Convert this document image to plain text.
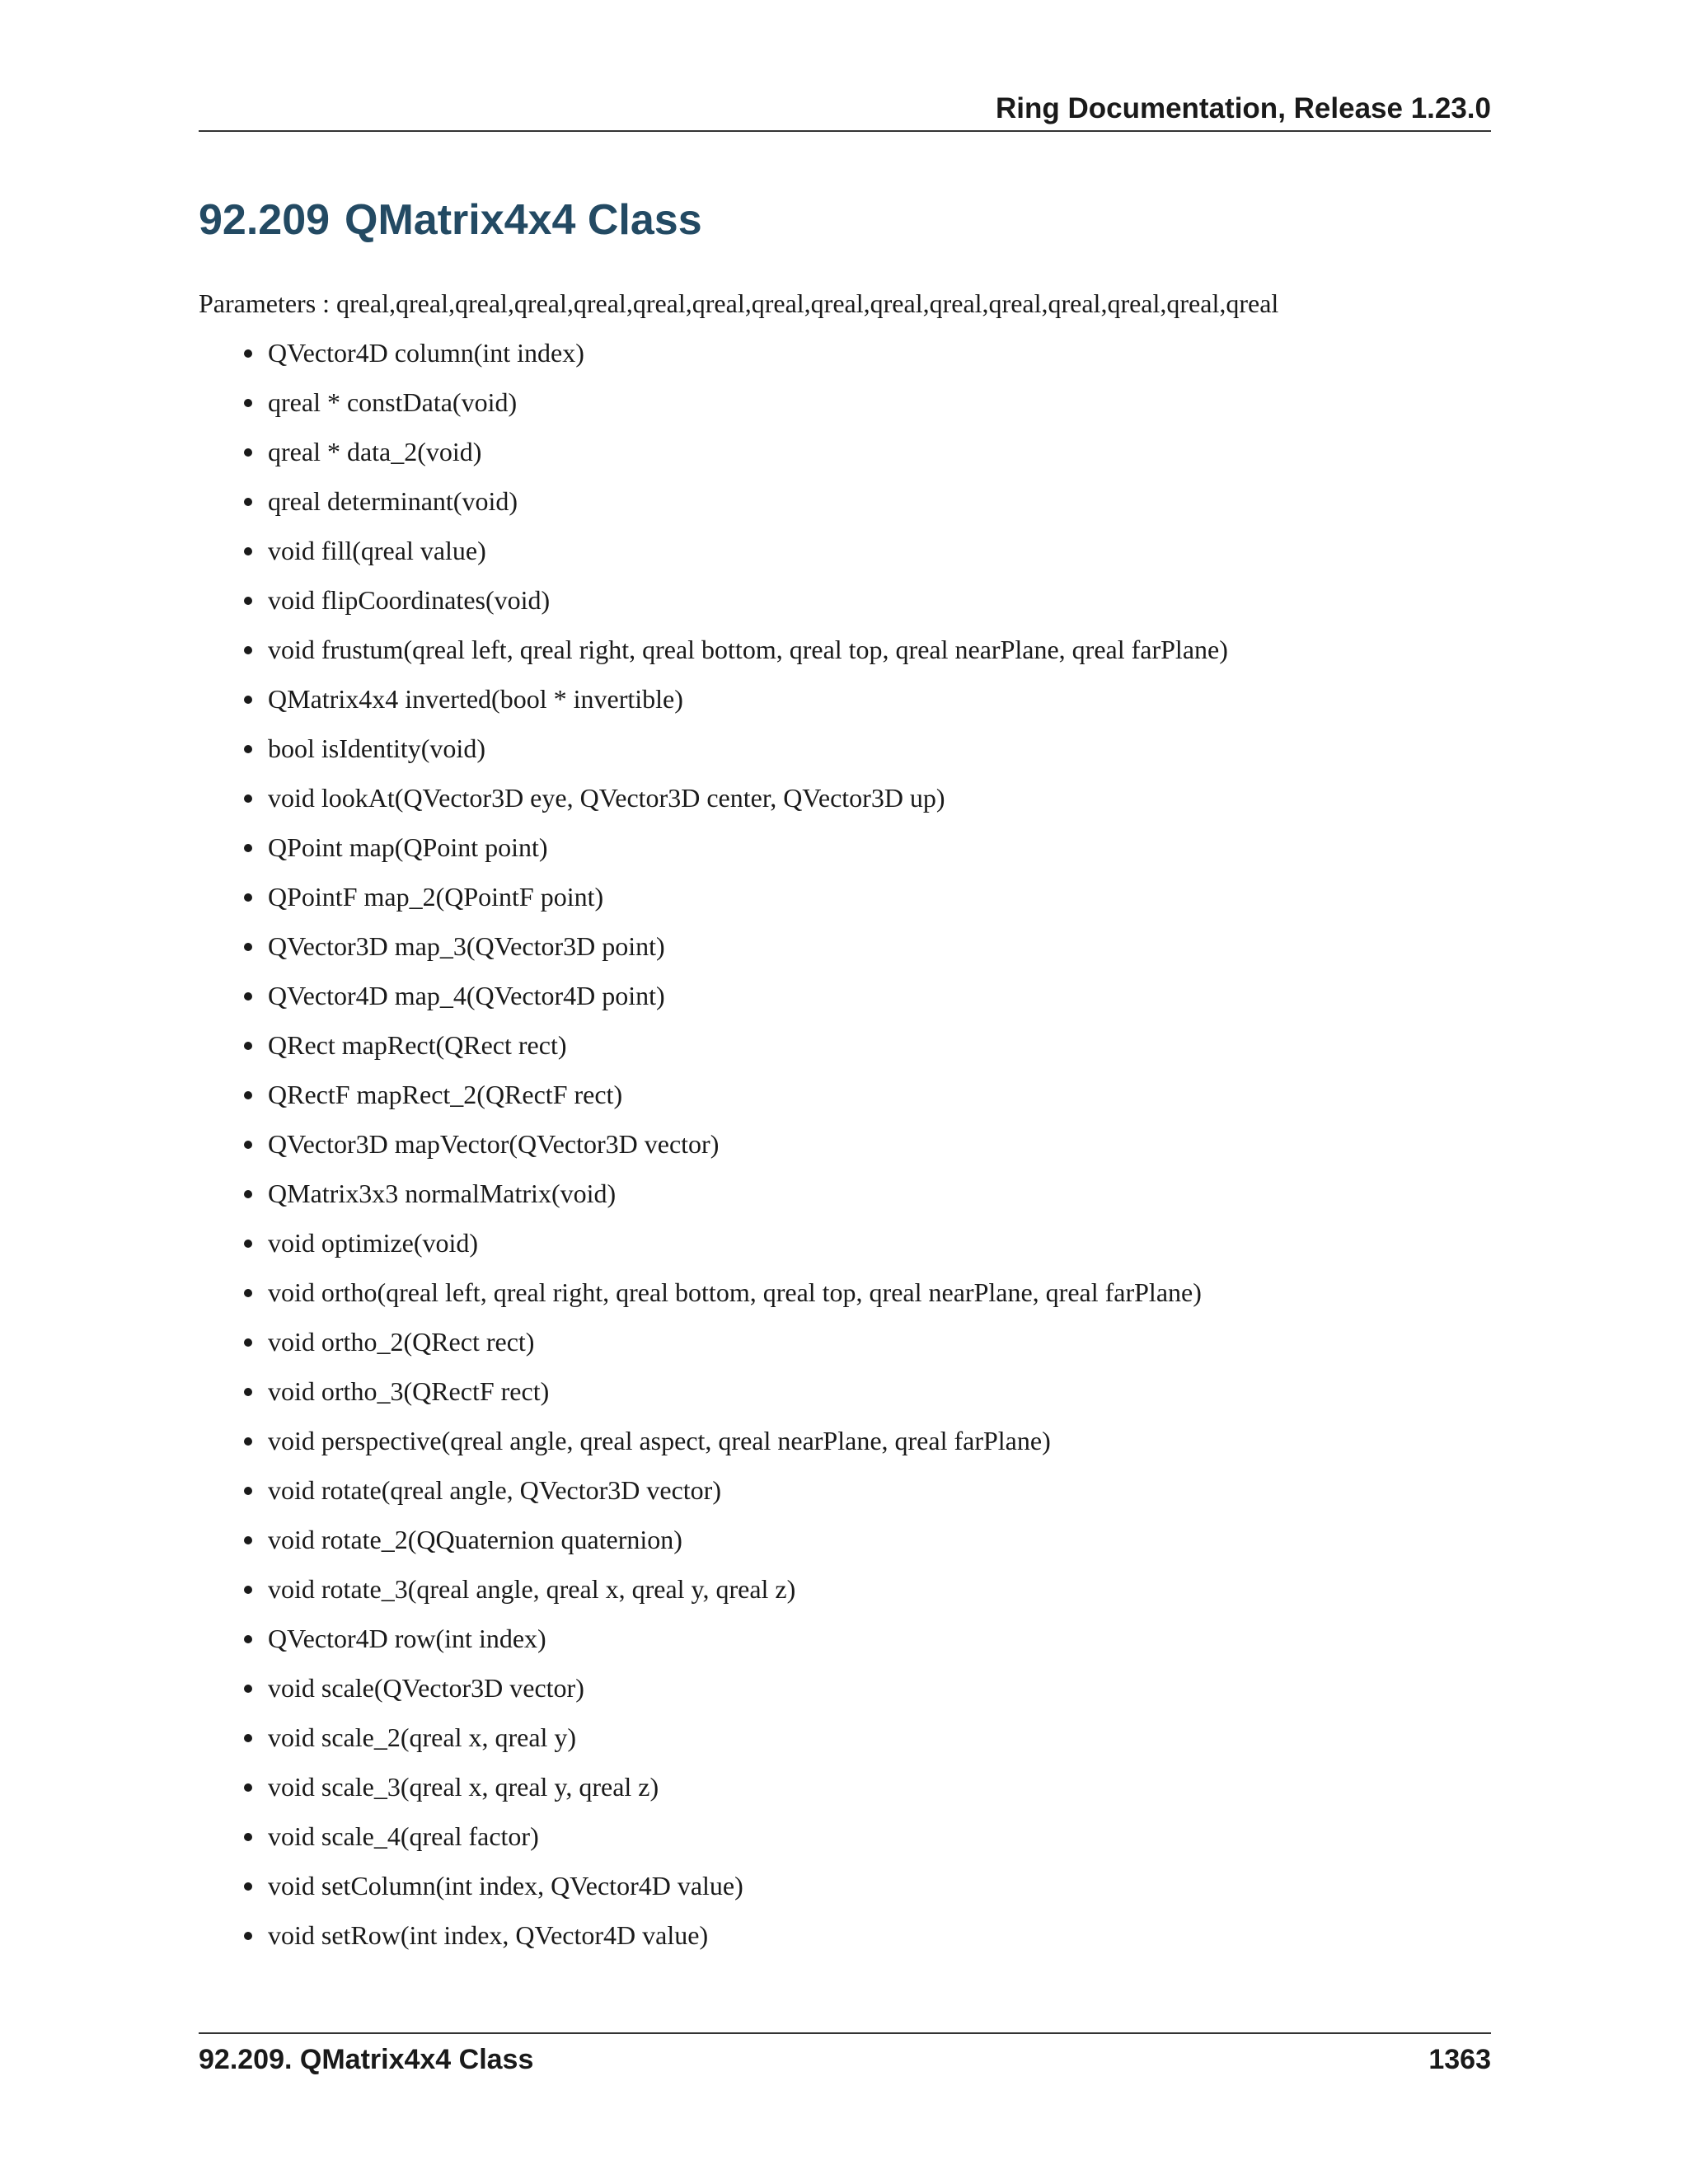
Ring Documentation, Release 1.23.0
92.209 QMatrix4x4 Class
Parameters : qreal,qreal,qreal,qreal,qreal,qreal,qreal,qreal,qreal,qreal,qreal,qreal,qreal,qreal,qreal,qreal
QVector4D column(int index)
qreal * constData(void)
qreal * data_2(void)
qreal determinant(void)
void fill(qreal value)
void flipCoordinates(void)
void frustum(qreal left, qreal right, qreal bottom, qreal top, qreal nearPlane, qreal farPlane)
QMatrix4x4 inverted(bool * invertible)
bool isIdentity(void)
void lookAt(QVector3D eye, QVector3D center, QVector3D up)
QPoint map(QPoint point)
QPointF map_2(QPointF point)
QVector3D map_3(QVector3D point)
QVector4D map_4(QVector4D point)
QRect mapRect(QRect rect)
QRectF mapRect_2(QRectF rect)
QVector3D mapVector(QVector3D vector)
QMatrix3x3 normalMatrix(void)
void optimize(void)
void ortho(qreal left, qreal right, qreal bottom, qreal top, qreal nearPlane, qreal farPlane)
void ortho_2(QRect rect)
void ortho_3(QRectF rect)
void perspective(qreal angle, qreal aspect, qreal nearPlane, qreal farPlane)
void rotate(qreal angle, QVector3D vector)
void rotate_2(QQuaternion quaternion)
void rotate_3(qreal angle, qreal x, qreal y, qreal z)
QVector4D row(int index)
void scale(QVector3D vector)
void scale_2(qreal x, qreal y)
void scale_3(qreal x, qreal y, qreal z)
void scale_4(qreal factor)
void setColumn(int index, QVector4D value)
void setRow(int index, QVector4D value)
92.209. QMatrix4x4 Class	1363
